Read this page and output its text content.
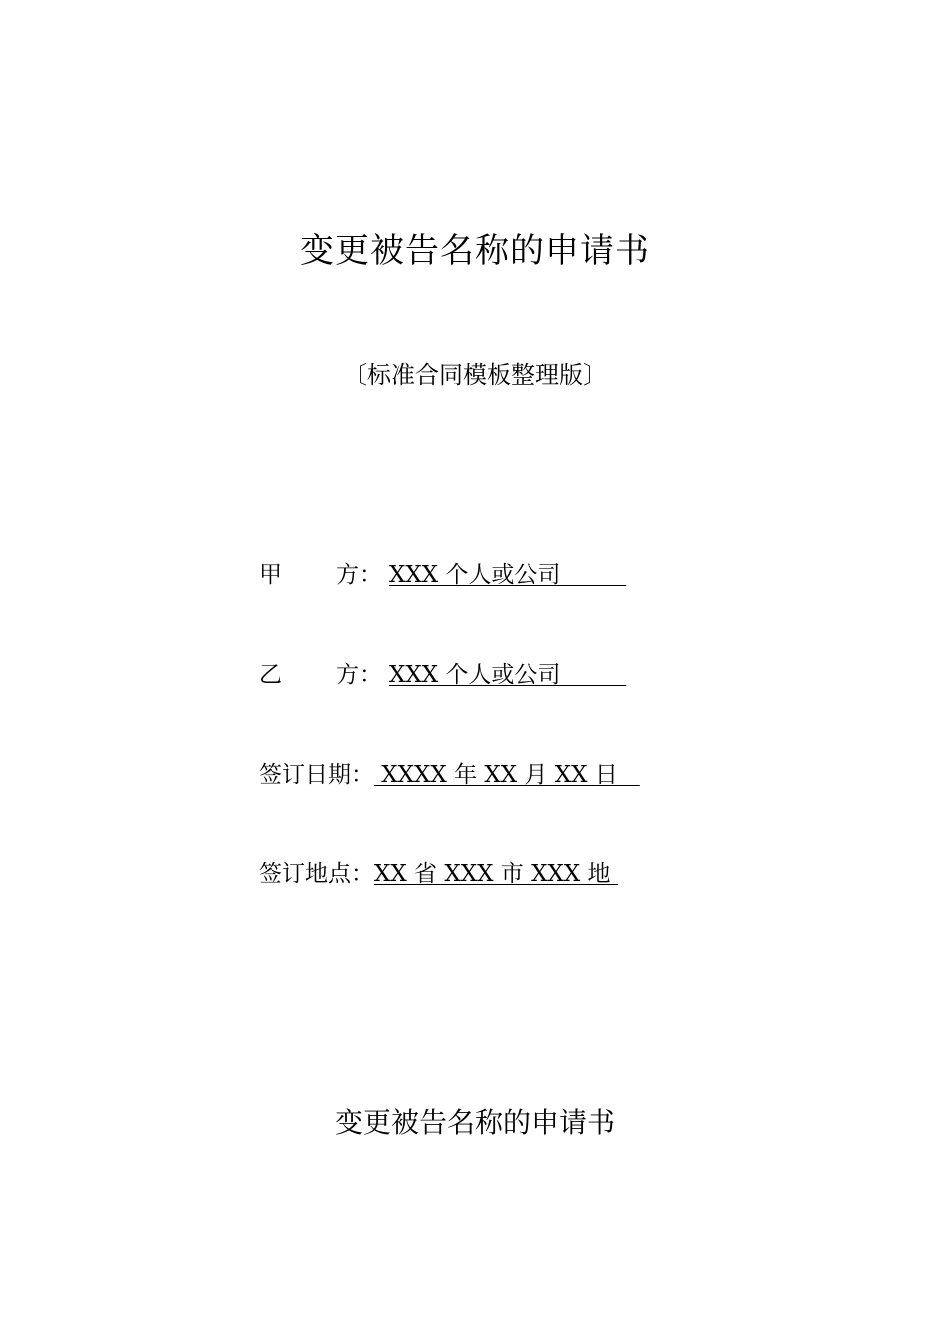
变更被告名称的申请书
〔标准合同模板整理版〕
甲 方： XXX 个人或公司
乙 方： XXX 个人或公司
签订日期： XXXX 年 XX 月 XX 日
签订地点：XX 省 XXX 市 XXX 地
变更被告名称的申请书
